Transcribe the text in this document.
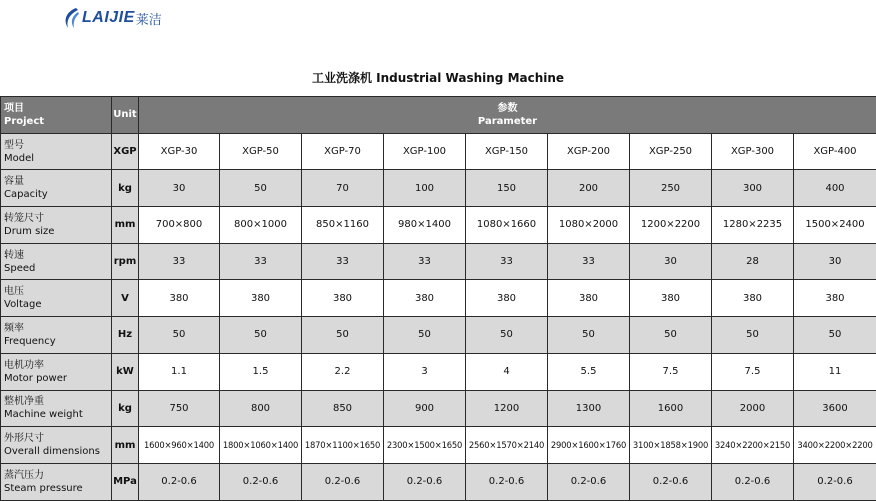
LAIJIE 莱洁
工业洗涤机 Industrial Washing Machine
项目
Project	Unit	参数
Parameter								

型号
Model	XGP	XGP-30	XGP-50	XGP-70	XGP-100	XGP-150	XGP-200	XGP-250	XGP-300	XGP-400

容量
Capacity	kg	30	50	70	100	150	200	250	300	400

转笼尺寸
Drum size	mm	700×800	800×1000	850×1160	980×1400	1080×1660	1080×2000	1200×2200	1280×2235	1500×2400

转速
Speed	rpm	33	33	33	33	33	33	30	28	30

电压
Voltage	V	380	380	380	380	380	380	380	380	380

频率
Frequency	Hz	50	50	50	50	50	50	50	50	50

电机功率
Motor power	kW	1.1	1.5	2.2	3	4	5.5	7.5	7.5	11

整机净重
Machine weight	kg	750	800	850	900	1200	1300	1600	2000	3600

外形尺寸
Overall dimensions	mm	1600×960×1400	1800×1060×1400	1870×1100×1650	2300×1500×1650	2560×1570×2140	2900×1600×1760	3100×1858×1900	3240×2200×2150	3400×2200×2200

蒸汽压力
Steam pressure	MPa	0.2-0.6	0.2-0.6	0.2-0.6	0.2-0.6	0.2-0.6	0.2-0.6	0.2-0.6	0.2-0.6	0.2-0.6
